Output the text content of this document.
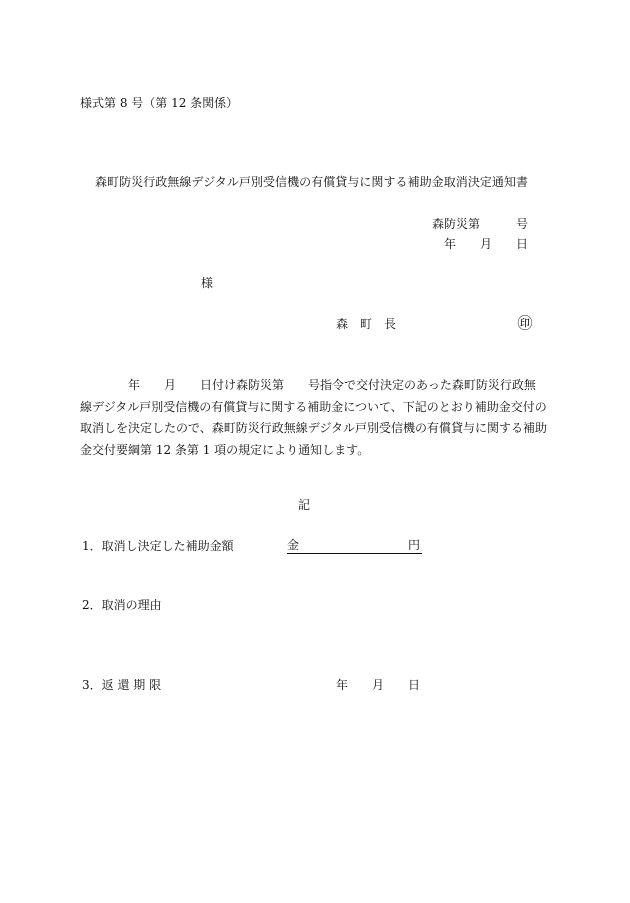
様式第 8 号（第 12 条関係）
森町防災行政無線デジタル戸別受信機の有償貸与に関する補助金取消決定通知書
森防災第　　　号
年　　月　　日
様
森　町　長	㊞
　　　　年　　月　　日付け森防災第　　号指令で交付決定のあった森町防災行政無
線デジタル戸別受信機の有償貸与に関する補助金について、下記のとおり補助金交付の
取消しを決定したので、森町防災行政無線デジタル戸別受信機の有償貸与に関する補助
金交付要綱第 12 条第 1 項の規定により通知します。
記
1．取消し決定した補助金額	金	円
2．取消の理由
3．返 還 期 限	年　　月　　日
